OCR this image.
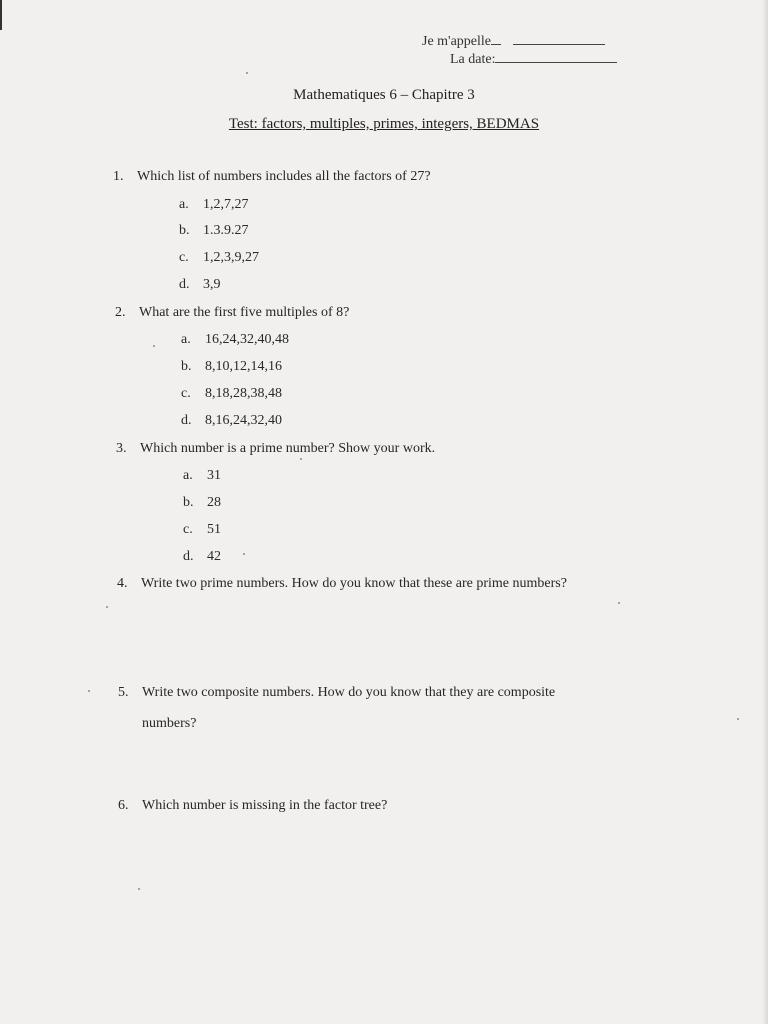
Je m'appelle
La date:
Mathematiques 6 – Chapitre 3
Test: factors, multiples, primes, integers, BEDMAS
1. Which list of numbers includes all the factors of 27?
a. 1,2,7,27
b. 1.3.9.27
c. 1,2,3,9,27
d. 3,9
2. What are the first five multiples of 8?
a. 16,24,32,40,48
b. 8,10,12,14,16
c. 8,18,28,38,48
d. 8,16,24,32,40
3. Which number is a prime number? Show your work.
a. 31
b. 28
c. 51
d. 42
4. Write two prime numbers. How do you know that these are prime numbers?
5. Write two composite numbers. How do you know that they are composite
numbers?
6. Which number is missing in the factor tree?
